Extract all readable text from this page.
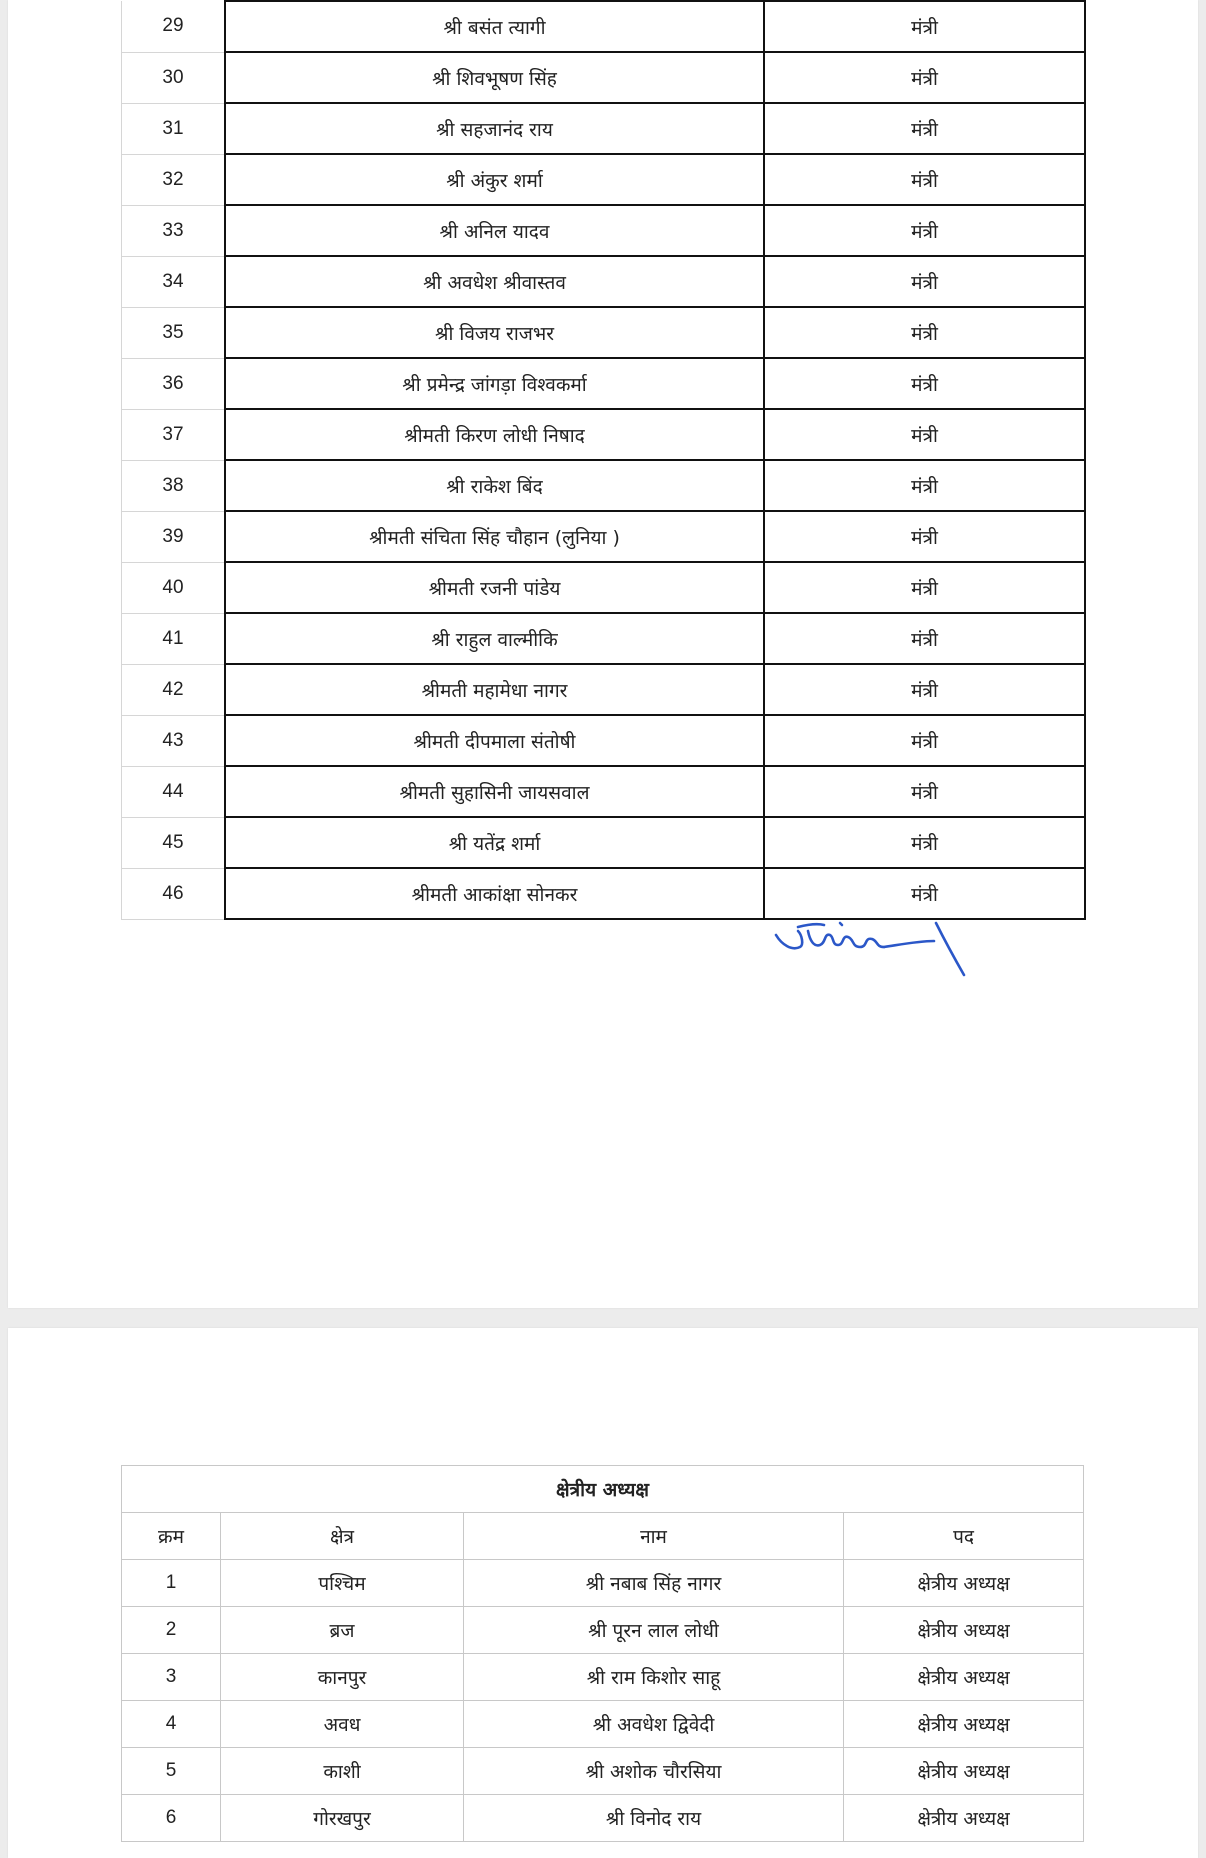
29	श्री बसंत त्यागी	मंत्री
30	श्री शिवभूषण सिंह	मंत्री
31	श्री सहजानंद राय	मंत्री
32	श्री अंकुर शर्मा	मंत्री
33	श्री अनिल यादव	मंत्री
34	श्री अवधेश श्रीवास्तव	मंत्री
35	श्री विजय राजभर	मंत्री
36	श्री प्रमेन्द्र जांगड़ा विश्वकर्मा	मंत्री
37	श्रीमती किरण लोधी निषाद	मंत्री
38	श्री राकेश बिंद	मंत्री
39	श्रीमती संचिता सिंह चौहान (लुनिया )	मंत्री
40	श्रीमती रजनी पांडेय	मंत्री
41	श्री राहुल वाल्मीकि	मंत्री
42	श्रीमती महामेधा नागर	मंत्री
43	श्रीमती दीपमाला संतोषी	मंत्री
44	श्रीमती सुहासिनी जायसवाल	मंत्री
45	श्री यतेंद्र शर्मा	मंत्री
46	श्रीमती आकांक्षा सोनकर	मंत्री
क्षेत्रीय अध्यक्ष			
क्रम	क्षेत्र	नाम	पद
1	पश्चिम	श्री नबाब सिंह नागर	क्षेत्रीय अध्यक्ष
2	ब्रज	श्री पूरन लाल लोधी	क्षेत्रीय अध्यक्ष
3	कानपुर	श्री राम किशोर साहू	क्षेत्रीय अध्यक्ष
4	अवध	श्री अवधेश द्विवेदी	क्षेत्रीय अध्यक्ष
5	काशी	श्री अशोक चौरसिया	क्षेत्रीय अध्यक्ष
6	गोरखपुर	श्री विनोद राय	क्षेत्रीय अध्यक्ष
